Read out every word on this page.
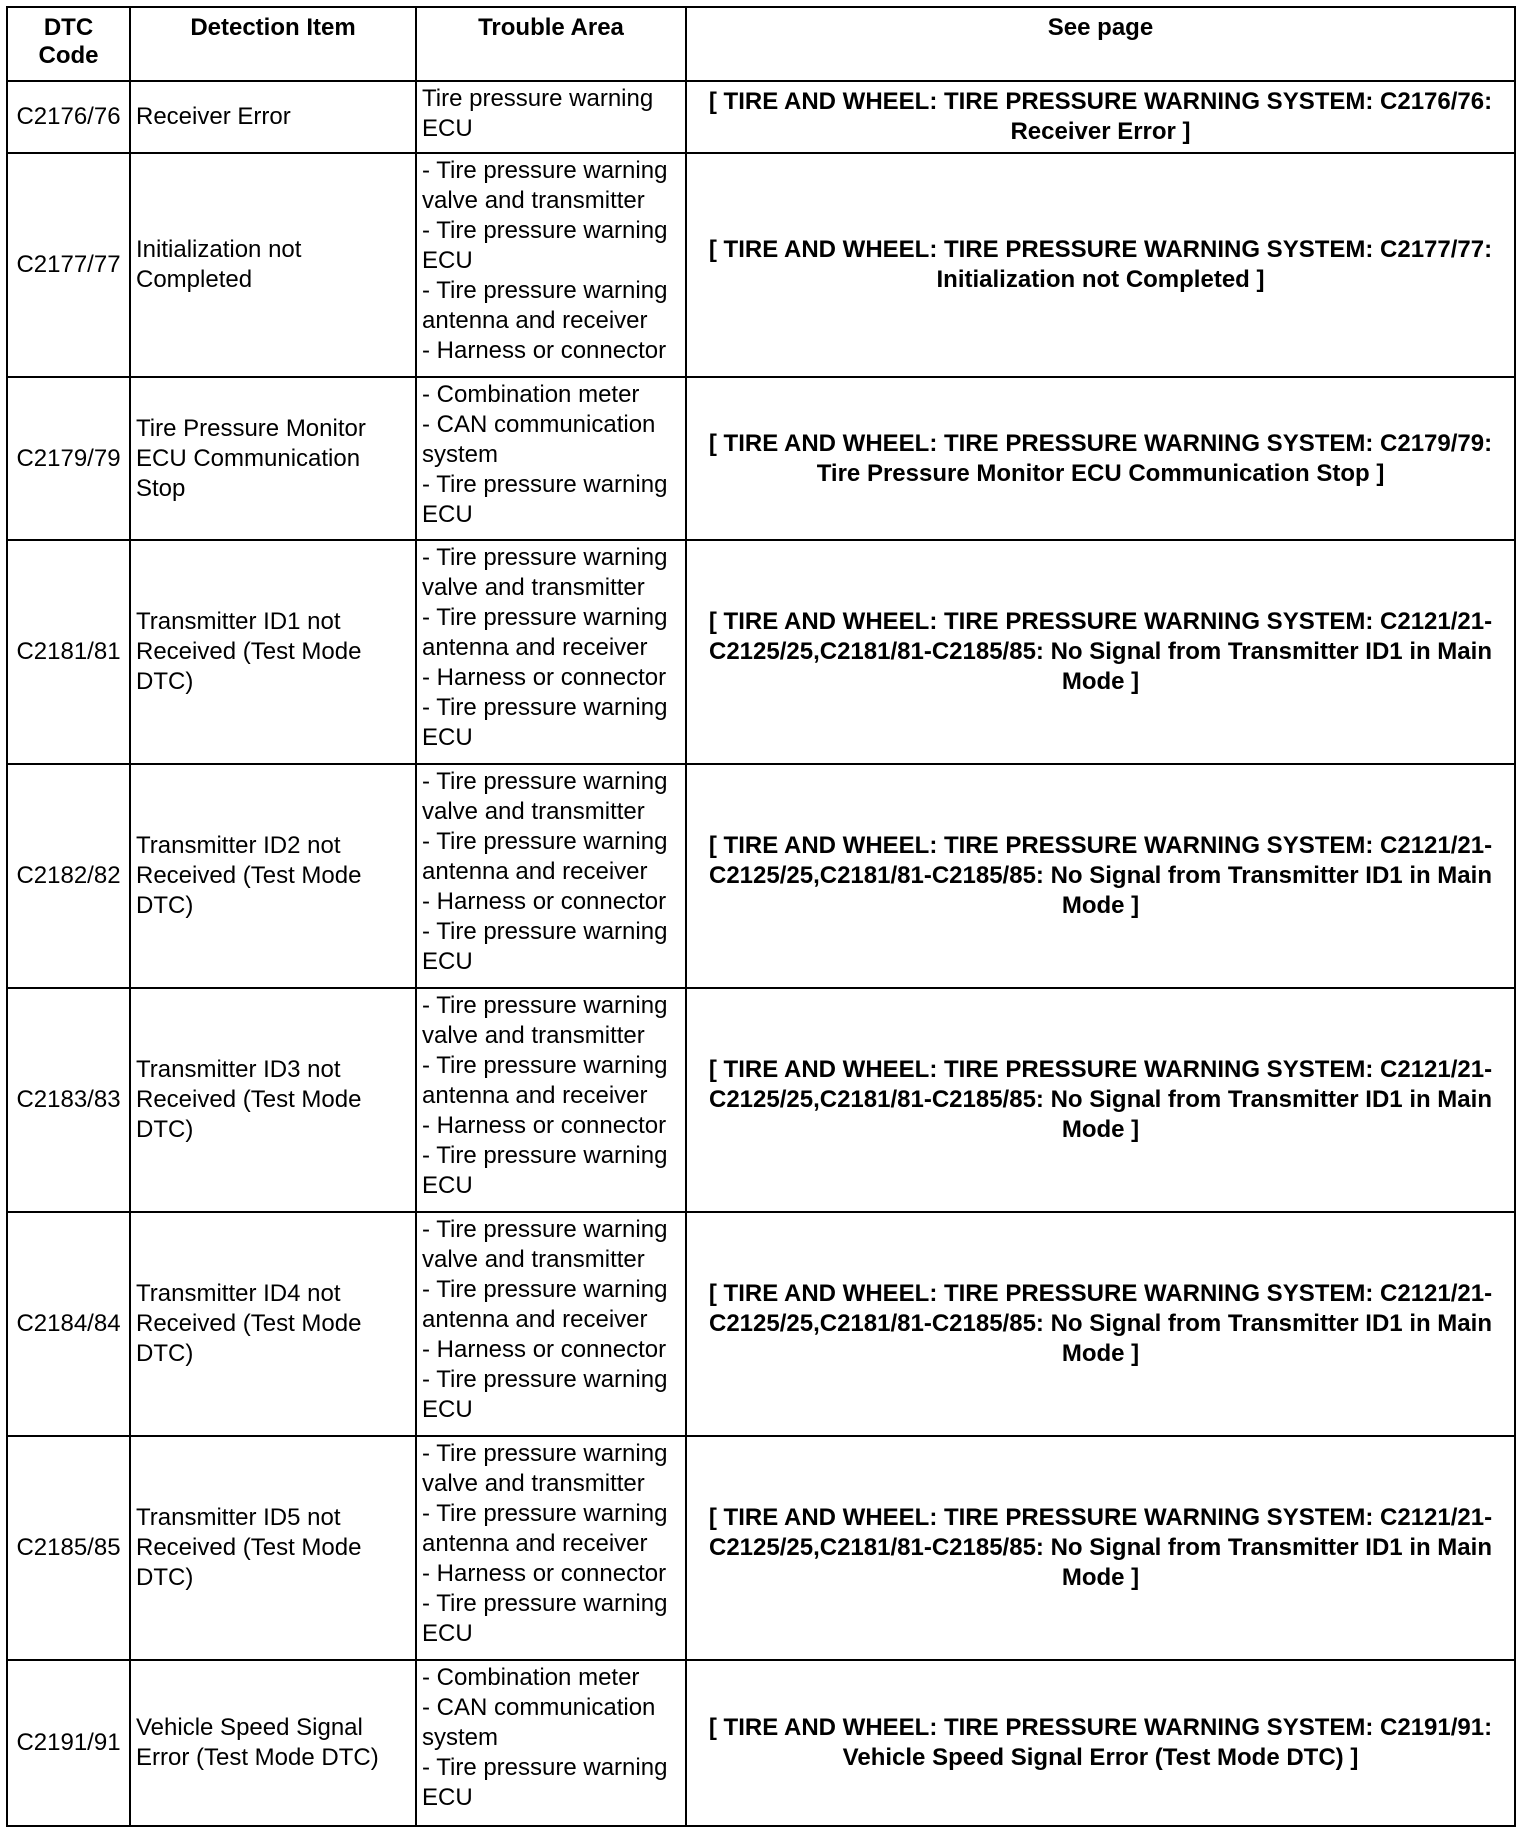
DTC Code	Detection Item	Trouble Area	See page
C2176/76	Receiver Error	Tire pressure warning ECU	[ TIRE AND WHEEL: TIRE PRESSURE WARNING SYSTEM: C2176/76: Receiver Error ]
C2177/77	Initialization not Completed	- Tire pressure warning valve and transmitter
- Tire pressure warning ECU
- Tire pressure warning antenna and receiver
- Harness or connector	[ TIRE AND WHEEL: TIRE PRESSURE WARNING SYSTEM: C2177/77: Initialization not Completed ]
C2179/79	Tire Pressure Monitor ECU Communication Stop	- Combination meter
- CAN communication system
- Tire pressure warning ECU	[ TIRE AND WHEEL: TIRE PRESSURE WARNING SYSTEM: C2179/79: Tire Pressure Monitor ECU Communication Stop ]
C2181/81	Transmitter ID1 not Received (Test Mode DTC)	- Tire pressure warning valve and transmitter
- Tire pressure warning antenna and receiver
- Harness or connector
- Tire pressure warning ECU	[ TIRE AND WHEEL: TIRE PRESSURE WARNING SYSTEM: C2121/21-C2125/25,C2181/81-C2185/85: No Signal from Transmitter ID1 in Main Mode ]
C2182/82	Transmitter ID2 not Received (Test Mode DTC)	- Tire pressure warning valve and transmitter
- Tire pressure warning antenna and receiver
- Harness or connector
- Tire pressure warning ECU	[ TIRE AND WHEEL: TIRE PRESSURE WARNING SYSTEM: C2121/21-C2125/25,C2181/81-C2185/85: No Signal from Transmitter ID1 in Main Mode ]
C2183/83	Transmitter ID3 not Received (Test Mode DTC)	- Tire pressure warning valve and transmitter
- Tire pressure warning antenna and receiver
- Harness or connector
- Tire pressure warning ECU	[ TIRE AND WHEEL: TIRE PRESSURE WARNING SYSTEM: C2121/21-C2125/25,C2181/81-C2185/85: No Signal from Transmitter ID1 in Main Mode ]
C2184/84	Transmitter ID4 not Received (Test Mode DTC)	- Tire pressure warning valve and transmitter
- Tire pressure warning antenna and receiver
- Harness or connector
- Tire pressure warning ECU	[ TIRE AND WHEEL: TIRE PRESSURE WARNING SYSTEM: C2121/21-C2125/25,C2181/81-C2185/85: No Signal from Transmitter ID1 in Main Mode ]
C2185/85	Transmitter ID5 not Received (Test Mode DTC)	- Tire pressure warning valve and transmitter
- Tire pressure warning antenna and receiver
- Harness or connector
- Tire pressure warning ECU	[ TIRE AND WHEEL: TIRE PRESSURE WARNING SYSTEM: C2121/21-C2125/25,C2181/81-C2185/85: No Signal from Transmitter ID1 in Main Mode ]
C2191/91	Vehicle Speed Signal Error (Test Mode DTC)	- Combination meter
- CAN communication system
- Tire pressure warning ECU	[ TIRE AND WHEEL: TIRE PRESSURE WARNING SYSTEM: C2191/91: Vehicle Speed Signal Error (Test Mode DTC) ]
